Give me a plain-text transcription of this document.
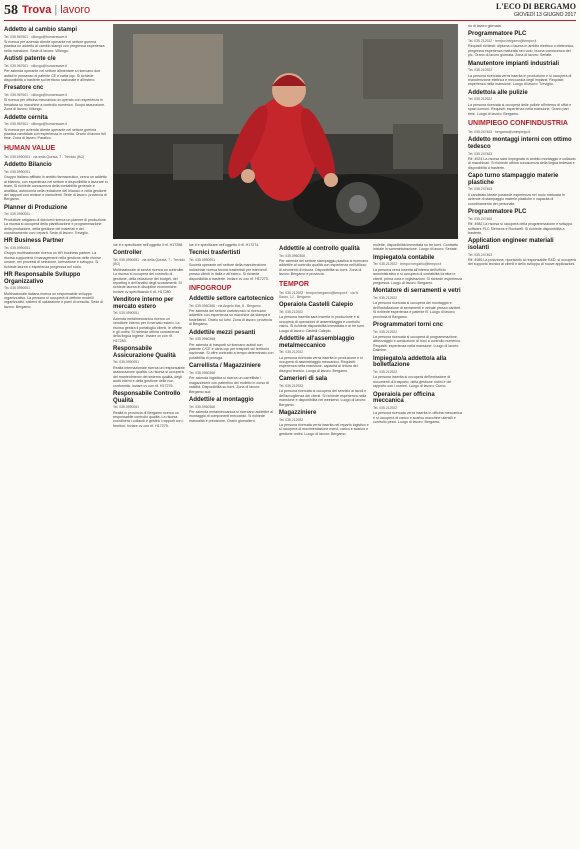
58 Trova | lavoro	L'ECO DI BERGAMO
GIOVEDÌ 13 GIUGNO 2017
Addetto al cambio stampi

Tel. 035.967601 · villongo@humanwave.it

Si ricerca per azienda cliente operante nel settore gomma plastica un addetto al cambio stampi con pregressa esperienza nella mansione. Sede di lavoro: Villongo.

Autisti patente c/e

Tel. 035.967601 · villongo@humanwave.it

Per azienda operante nel settore alimentare si ricercano due autisti in possesso di patente CE e carta cqc. Si richiede disponibilità a trasferte sul territorio nazionale e all'estero.

Fresatore cnc

Tel. 035.967601 · villongo@humanwave.it

Si ricerca per officina meccanica un operaio con esperienza in fresatura su macchine a controllo numerico. Scopo assunzione. Zona di lavoro: Villongo.

Addette cernita

Tel. 035.967601 · villongo@humanwave.it

Si ricerca per azienda cliente operante nel settore gomma plastica candidate con esperienza in cernita. Orario di lavoro full time. Zona di lavoro: Paratico.

HUMAN VALUE

Tel. 035.0990051 · via della Questa, 7 - Treviolo (BG)

Addetto Bilancio

Tel. 035.0990051

Gruppo Italiano affiliato in ambito farmaceutico, cerca un addetto al bilancio, con esperienza nel settore e disponibilità a lavorare in team. Si richiede conoscenza della contabilità generale e analitica, autonomia nella redazione del bilancio e nella gestione dei rapporti con revisori e consulenti. Sede di lavoro: provincia di Bergamo.

Planner di Produzione

Tel. 035.0990051

Produttore artigiano di dolciumi ricerca un planner di produzione. La risorsa si occuperà della pianificazione e programmazione della produzione, della gestione dei materiali e del coordinamento con i reparti. Sede di lavoro: Treviglio.

HR Business Partner

Tel. 035.0990051

Gruppo multinazionale ricerca un HR business partner. La risorsa supporterà il management nella gestione delle risorse umane, nei processi di selezione, formazione e sviluppo. Si richiede laurea e esperienza pregressa nel ruolo.

HR Responsabile Sviluppo Organizzativo

Tel. 035.0990051

Multinazionale italiana ricerca un responsabile sviluppo organizzativo. La persona si occuperà di definire modelli organizzativi, sistemi di valutazione e piani di crescita. Sede di lavoro: Bergamo.

lue.it e specificare nell'oggetto il rif. H17288.

Controller

Tel. 035.0990051 · via della Questa, 7 - Treviolo (BG)

Multinazionale di servizi ricerca un controller. La risorsa si occuperà del controllo di gestione, della redazione del budget, del reporting e dell'analisi degli scostamenti. Si richiede laurea in discipline economiche. Inviare cv specificando il rif. H17280.

Venditore interno per mercato estero

Tel. 035.0990051

Azienda metalmeccanica ricerca un venditore interno per il mercato estero. La risorsa gestirà il portafoglio clienti, le offerte e gli ordini. Si richiede ottima conoscenza della lingua inglese. Inviare cv con rif. H17283.

Responsabile Assicurazione Qualità

Tel. 035.0990051

Realtà internazionale ricerca un responsabile assicurazione qualità. La risorsa si occuperà del mantenimento del sistema qualità, degli audit interni e della gestione delle non conformità. Inviare cv con rif. H17276.

Responsabile Controllo Qualità

Tel. 035.0990051

Realtà in provincia di Bergamo ricerca un responsabile controllo qualità. La risorsa coordinerà i collaudi e gestirà i rapporti con i fornitori. Inviare cv con rif. H17275.

lue.it e specificare nell'oggetto il rif. H17274.

Tecnici trasfertisti

Tel. 035.0990051

Società operante nel settore della manutenzione industriale ricerca tecnici trasfertisti per interventi presso clienti in Italia e all'estero. Si richiede disponibilità a trasferte. Inviare cv con rif. H17270.

INFOGROUP
Addetti/e settore cartotecnico

Tel. 035.0960368 · via Angelo Mai, 8 - Bergamo

Per azienda del settore cartotecnico si ricercano addetti/e con esperienza su macchine da stampa e fustellatrici. Orario su turni. Zona di lavoro: provincia di Bergamo.

Addetti/e mezzi pesanti

Tel. 035.0960368

Per azienda di trasporti si ricercano autisti con patente C/CE e carta cqc per trasporti sul territorio nazionale. Si offre contratto a tempo determinato con possibilità di proroga.

Carrellista / Magazziniere

Tel. 035.0960368

Per azienda logistica si ricerca un carrellista / magazziniere con patentino del muletto in corso di validità. Disponibilità su turni. Zona di lavoro: Bergamo sud.

Addetti/e al montaggio

Tel. 035.0960368

Per azienda metalmeccanica si ricercano addetti/e al montaggio di componenti meccanici. Si richiede manualità e precisione. Orario giornaliero.

Addetti/e al controllo qualità

Tel. 035.0960368

Per azienda del settore stampaggio plastica si ricercano addetti/e al controllo qualità con esperienza nell'utilizzo di strumenti di misura. Disponibilità su turni. Zona di lavoro: Bergamo e provincia.

TEMPOR

Tel. 035.212922 · tempor.bergamo@tempor.it · via N. Sauro, 12 - Bergamo

Operaio/a Castelli Calepio

Tel. 035.212922

La persona inserita sarà inserita in produzione e si occuperà di operazioni di assemblaggio e controllo visivo. Si richiede disponibilità immediata e ai tre turni. Luogo di lavoro: Castelli Calepio.

Addetti/e all'assemblaggio metalmeccanico

Tel. 035.212922

La persona ricercata verrà inserita in produzione e si occuperà di assemblaggio meccanico. Requisiti: esperienza nella mansione, capacità di lettura del disegno tecnico. Luogo di lavoro: Bergamo.

Camerieri di sala

Tel. 035.212922

La persona ricercata si occuperà del servizio ai tavoli e dell'accoglienza dei clienti. Si richiede esperienza nella mansione e disponibilità nel weekend. Luogo di lavoro: Bergamo.

Magazziniere

Tel. 035.212922

La persona ricercata verrà inserita nel reparto logistico e si occuperà di movimentazione merci, carico e scarico e gestione ordini. Luogo di lavoro: Bergamo.

rio di lavoro giornata.

Programmatore PLC

Tel. 035.212922 · tempor.bergamo@tempor.it

Requisiti richiesti: diploma o laurea in ambito elettrico o elettronico, pregressa esperienza maturata nel ruolo, buona conoscenza dei plc. Orario di lavoro giornata. Zona di lavoro: Seriate.

Manutentore impianti industriali

Tel. 035.212922

La persona ricercata verrà inserita in produzione e si occuperà di manutenzione elettrica e meccanica degli impianti. Requisiti: esperienza nella mansione. Luogo di lavoro: Treviglio.

Addetto/a alle pulizie

Tel. 035.212922

La persona ricercata si occuperà delle pulizie all'interno di uffici e spazi comuni. Requisiti: esperienza nella mansione. Orario part time. Luogo di lavoro: Bergamo.

UNIMPIEGO CONFINDUSTRIA

Tel. 035.247463 · bergamo@unimpiego.it

Addetto montaggi interni con ottimo tedesco

Tel. 035.247463

Rif. 4924 La risorsa sarà impegnata in ambito montaggio e collaudo di macchinari. Si richiede ottima conoscenza della lingua tedesca e disponibilità a trasferte.

Capo turno stampaggio materie plastiche

Tel. 035.247463

Il candidato ideale possiede esperienza nel ruolo maturata in aziende di stampaggio materie plastiche e capacità di coordinamento del personale.

Programmatore PLC

Tel. 035.247463

Rif. 4982 La risorsa si occuperà della programmazione e sviluppo software PLC Siemens e Rockwell. Si richiede disponibilità a trasferte.

Application engineer materiali isolanti

Tel. 035.247463

Rif. 4985 La posizione, riportando al responsabile R&D, si occuperà del supporto tecnico ai clienti e dello sviluppo di nuove applicazioni.

mulette, disponibilità immediata su tre turni. Contratto iniziale in somministrazione. Luogo di lavoro: Seriate.

Impiegato/a contabile

Tel. 035.212922 · tempor.bergamo@tempor.it

La persona verrà inserita all'interno dell'ufficio amministrativo e si occuperà di contabilità fornitori e clienti, prima nota e registrazioni. Si richiede esperienza pregressa. Luogo di lavoro: Bergamo.

Montatore di serramenti e vetri

Tel. 035.212922

La persona ricercata si occuperà del montaggio e dell'installazione di serramenti e vetrate presso cantieri. Si richiede esperienza e patente B. Luogo di lavoro: provincia di Bergamo.

Programmatori torni cnc

Tel. 035.212922

La persona ricercata si occuperà di programmazione, attrezzaggio e conduzione di torni a controllo numerico. Requisiti: esperienza nella mansione. Luogo di lavoro: Dalmine.

Impiegato/a addetto/a alla bollettazione

Tel. 035.212922

La persona inserita si occuperà dell'emissione di documenti di trasporto, della gestione ordini e del rapporto con i corrieri. Luogo di lavoro: Curno.

Operaio/a per officina meccanica

Tel. 035.212922

La persona ricercata verrà inserita in officina meccanica e si occuperà di carico e scarico macchine utensili e controllo pezzi. Luogo di lavoro: Bergamo.
